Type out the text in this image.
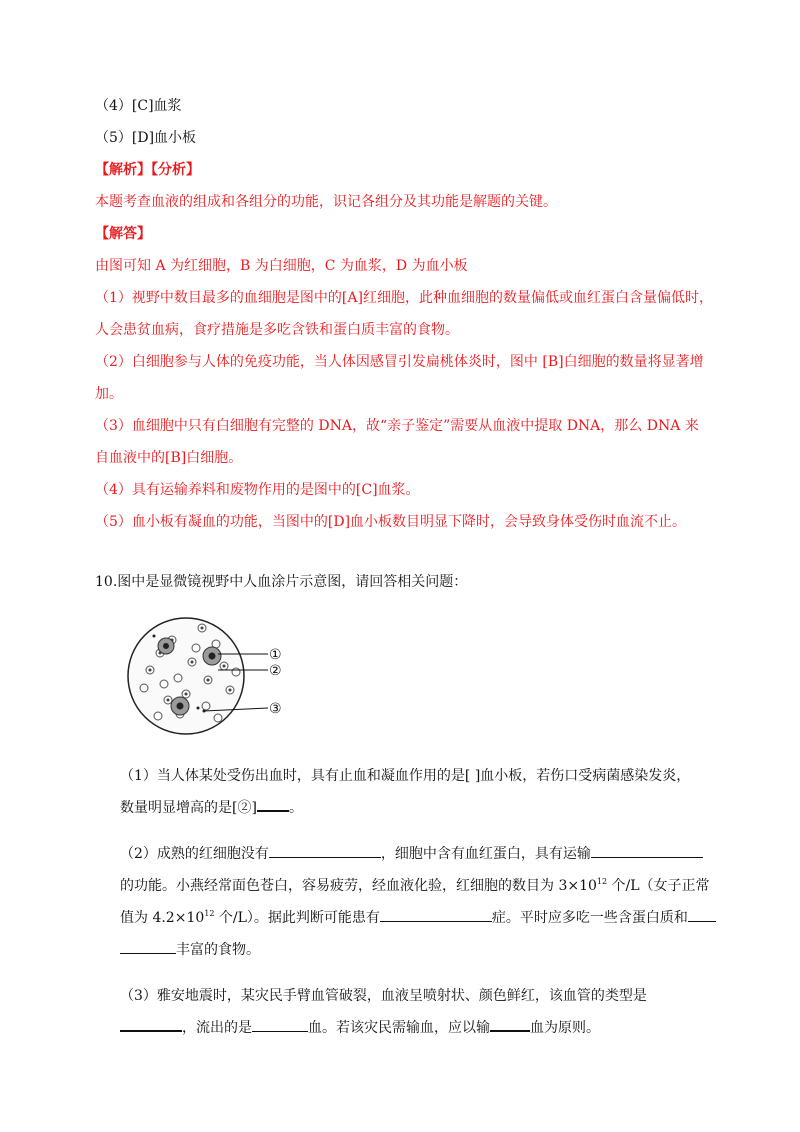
（4）[C]血浆
（5）[D]血小板
【解析】【分析】
本题考查血液的组成和各组分的功能，识记各组分及其功能是解题的关键。
【解答】
由图可知 A 为红细胞，B 为白细胞，C 为血浆，D 为血小板
（1）视野中数目最多的血细胞是图中的[A]红细胞，此种血细胞的数量偏低或血红蛋白含量偏低时，
人会患贫血病，食疗措施是多吃含铁和蛋白质丰富的食物。
（2）白细胞参与人体的免疫功能，当人体因感冒引发扁桃体炎时，图中 [B]白细胞的数量将显著增
加。
（3）血细胞中只有白细胞有完整的 DNA，故“亲子鉴定”需要从血液中提取 DNA，那么 DNA 来
自血液中的[B]白细胞。
（4）具有运输养料和废物作用的是图中的[C]血浆。
（5）血小板有凝血的功能，当图中的[D]血小板数目明显下降时，会导致身体受伤时血流不止。
10.图中是显微镜视野中人血涂片示意图，请回答相关问题：
①
②
③
（1）当人体某处受伤出血时，具有止血和凝血作用的是[ ]血小板，若伤口受病菌感染发炎，
数量明显增高的是[②] 。
（2）成熟的红细胞没有	，细胞中含有血红蛋白，具有运输
的功能。小燕经常面色苍白，容易疲劳，经血液化验，红细胞的数目为 $3\times 10^{12}$ 个/L（女子正常
值为 $4.2\times 10^{12}$ 个/L）。据此判断可能患有	症。平时应多吃一些含蛋白质和
丰富的食物。
（3）雅安地震时，某灾民手臂血管破裂，血液呈喷射状、颜色鲜红，该血管的类型是
，流出的是	血。若该灾民需输血，应以输	血为原则。
